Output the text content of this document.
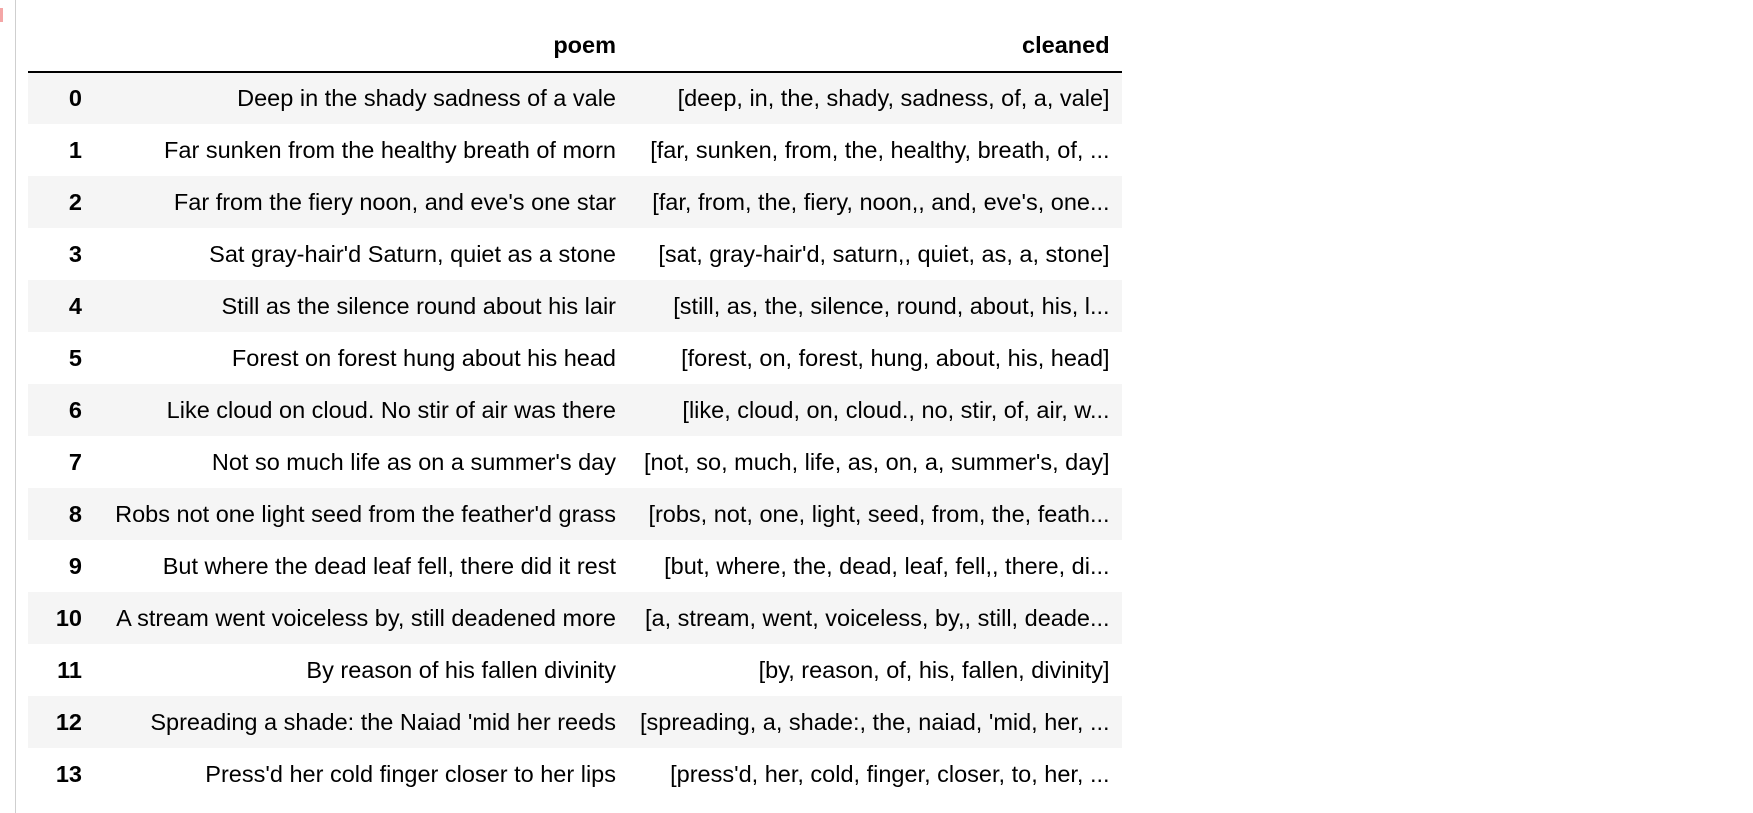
	poem	cleaned
0	Deep in the shady sadness of a vale	[deep, in, the, shady, sadness, of, a, vale]
1	Far sunken from the healthy breath of morn	[far, sunken, from, the, healthy, breath, of, ...
2	Far from the fiery noon, and eve's one star	[far, from, the, fiery, noon,, and, eve's, one...
3	Sat gray-hair'd Saturn, quiet as a stone	[sat, gray-hair'd, saturn,, quiet, as, a, stone]
4	Still as the silence round about his lair	[still, as, the, silence, round, about, his, l...
5	Forest on forest hung about his head	[forest, on, forest, hung, about, his, head]
6	Like cloud on cloud. No stir of air was there	[like, cloud, on, cloud., no, stir, of, air, w...
7	Not so much life as on a summer's day	[not, so, much, life, as, on, a, summer's, day]
8	Robs not one light seed from the feather'd grass	[robs, not, one, light, seed, from, the, feath...
9	But where the dead leaf fell, there did it rest	[but, where, the, dead, leaf, fell,, there, di...
10	A stream went voiceless by, still deadened more	[a, stream, went, voiceless, by,, still, deade...
11	By reason of his fallen divinity	[by, reason, of, his, fallen, divinity]
12	Spreading a shade: the Naiad 'mid her reeds	[spreading, a, shade:, the, naiad, 'mid, her, ...
13	Press'd her cold finger closer to her lips	[press'd, her, cold, finger, closer, to, her, ...
